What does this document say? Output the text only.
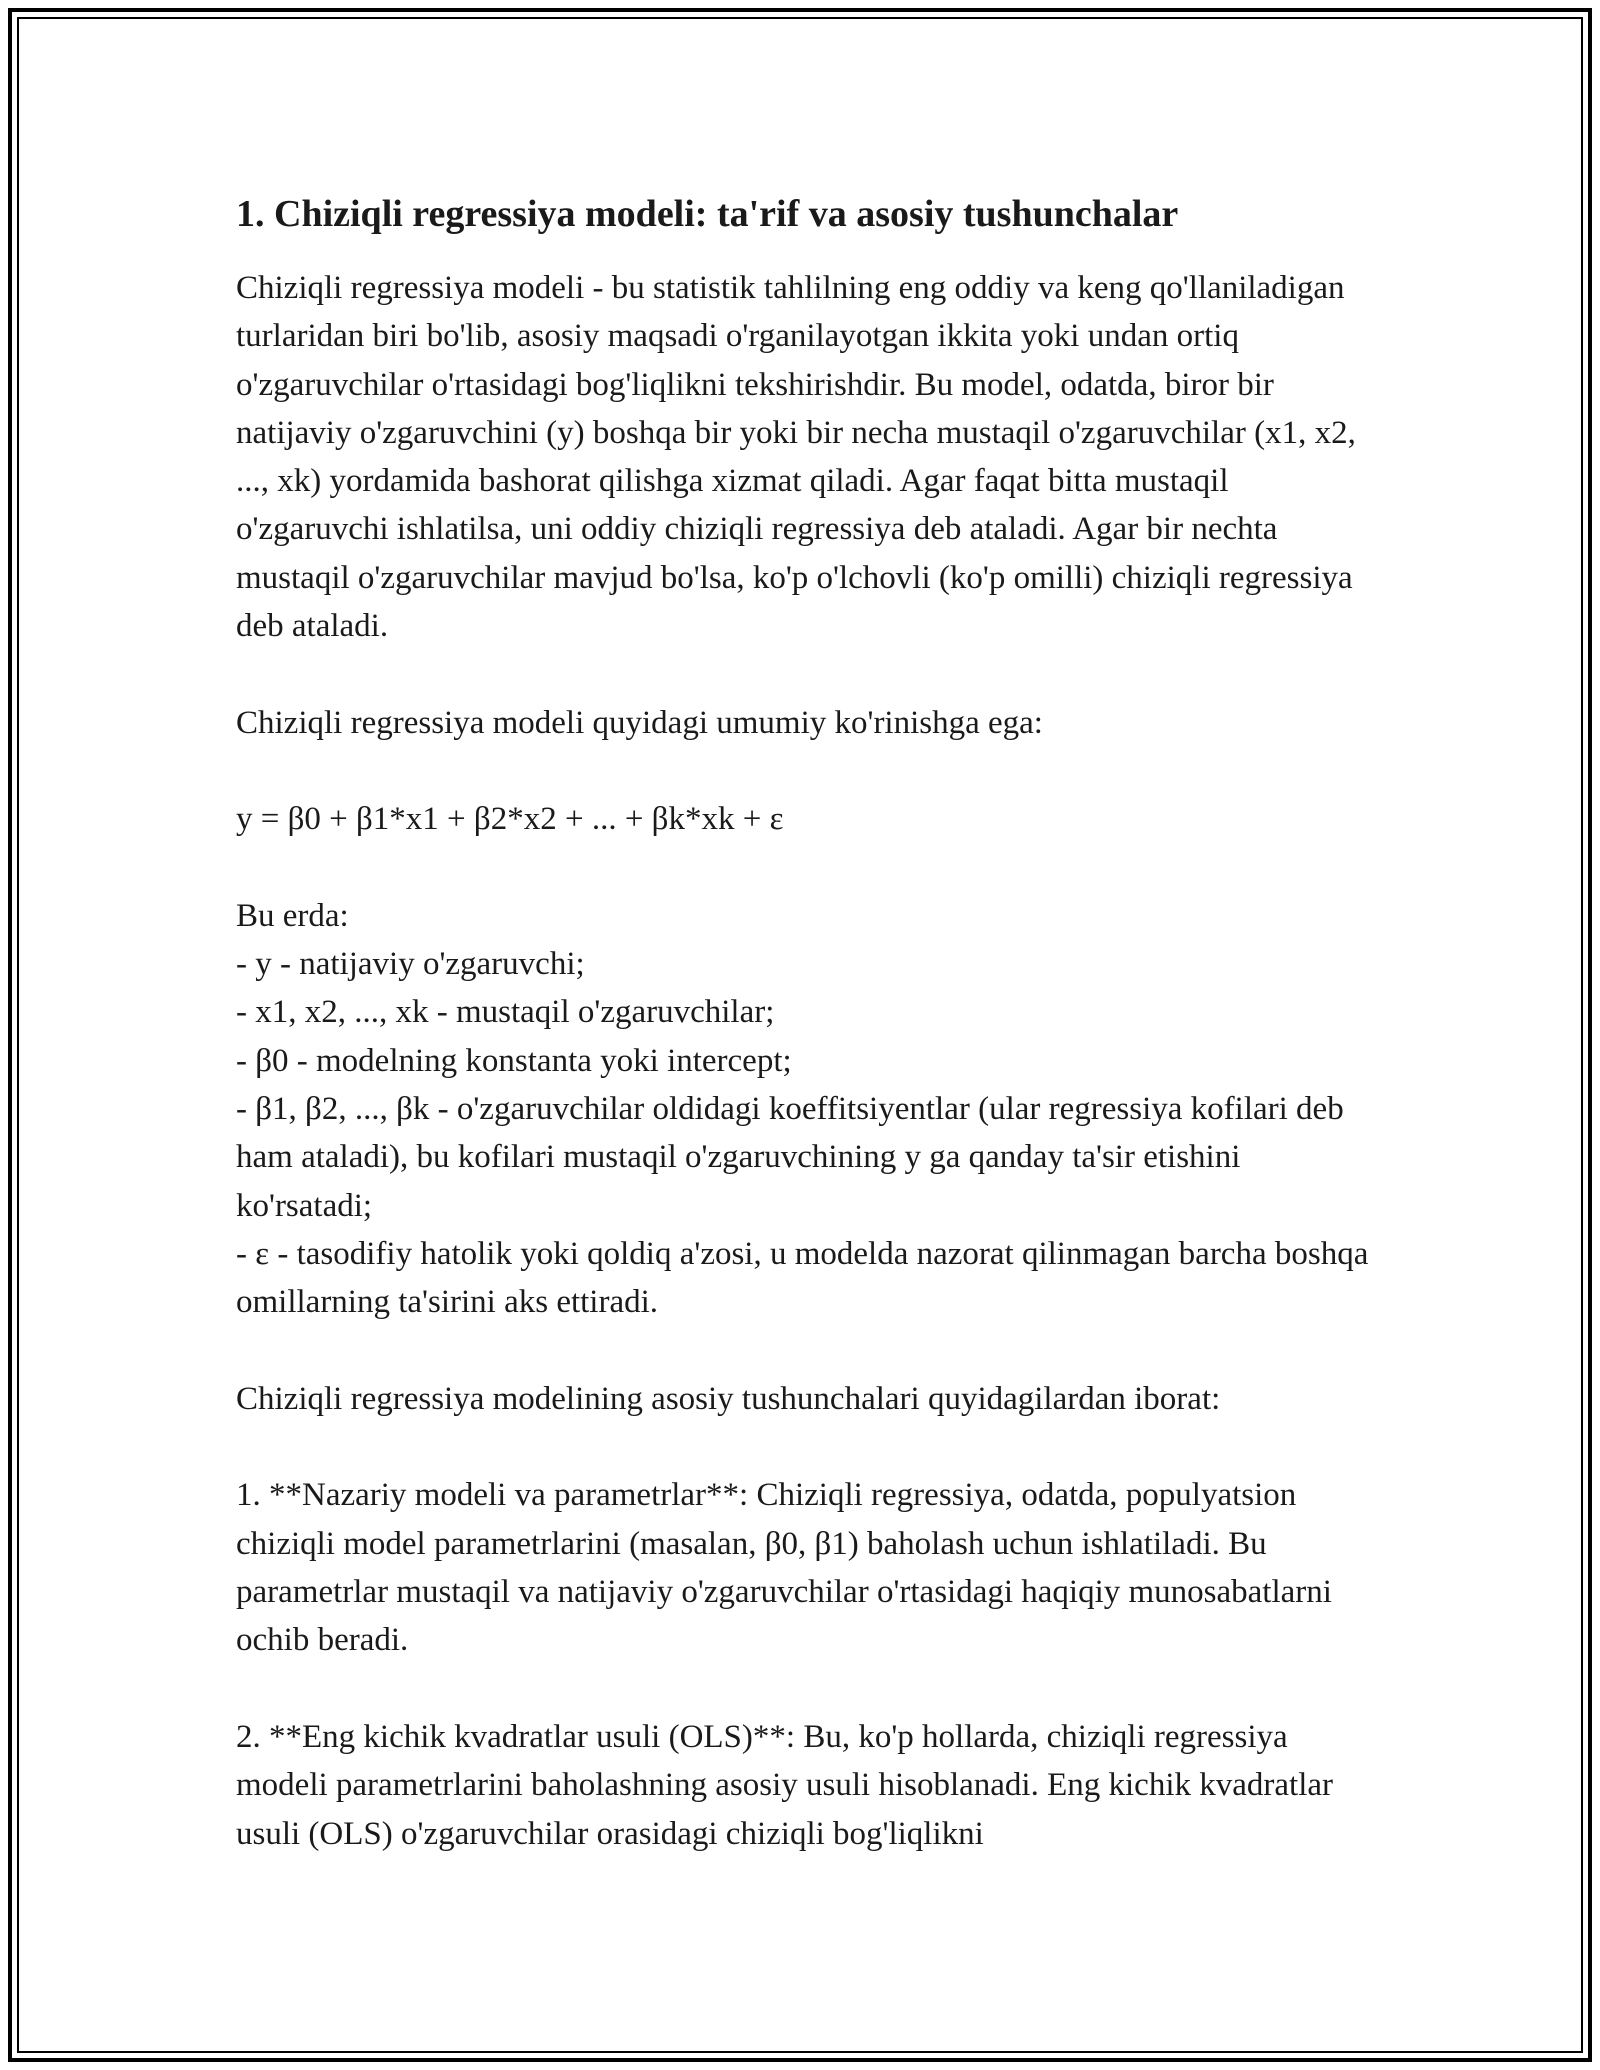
1. Chiziqli regressiya modeli: ta'rif va asosiy tushunchalar

Chiziqli regressiya modeli - bu statistik tahlilning eng oddiy va keng qo'llaniladigan turlaridan biri bo'lib, asosiy maqsadi o'rganilayotgan ikkita yoki undan ortiq o'zgaruvchilar o'rtasidagi bog'liqlikni tekshirishdir. Bu model, odatda, biror bir natijaviy o'zgaruvchini (y) boshqa bir yoki bir necha mustaqil o'zgaruvchilar (x1, x2, ..., xk) yordamida bashorat qilishga xizmat qiladi. Agar faqat bitta mustaqil o'zgaruvchi ishlatilsa, uni oddiy chiziqli regressiya deb ataladi. Agar bir nechta mustaqil o'zgaruvchilar mavjud bo'lsa, ko'p o'lchovli (ko'p omilli) chiziqli regressiya deb ataladi.

Chiziqli regressiya modeli quyidagi umumiy ko'rinishga ega:

y = β0 + β1*x1 + β2*x2 + ... + βk*xk + ε

Bu erda:

- y - natijaviy o'zgaruvchi;

- x1, x2, ..., xk - mustaqil o'zgaruvchilar;

- β0 - modelning konstanta yoki intercept;

- β1, β2, ..., βk - o'zgaruvchilar oldidagi koeffitsiyentlar (ular regressiya kofilari deb ham ataladi), bu kofilari mustaqil o'zgaruvchining y ga qanday ta'sir etishini ko'rsatadi;

- ε - tasodifiy hatolik yoki qoldiq a'zosi, u modelda nazorat qilinmagan barcha boshqa omillarning ta'sirini aks ettiradi.

Chiziqli regressiya modelining asosiy tushunchalari quyidagilardan iborat:

1. **Nazariy modeli va parametrlar**: Chiziqli regressiya, odatda, populyatsion chiziqli model parametrlarini (masalan, β0, β1) baholash uchun ishlatiladi. Bu parametrlar mustaqil va natijaviy o'zgaruvchilar o'rtasidagi haqiqiy munosabatlarni ochib beradi.

2. **Eng kichik kvadratlar usuli (OLS)**: Bu, ko'p hollarda, chiziqli regressiya modeli parametrlarini baholashning asosiy usuli hisoblanadi. Eng kichik kvadratlar usuli (OLS) o'zgaruvchilar orasidagi chiziqli bog'liqlikni
